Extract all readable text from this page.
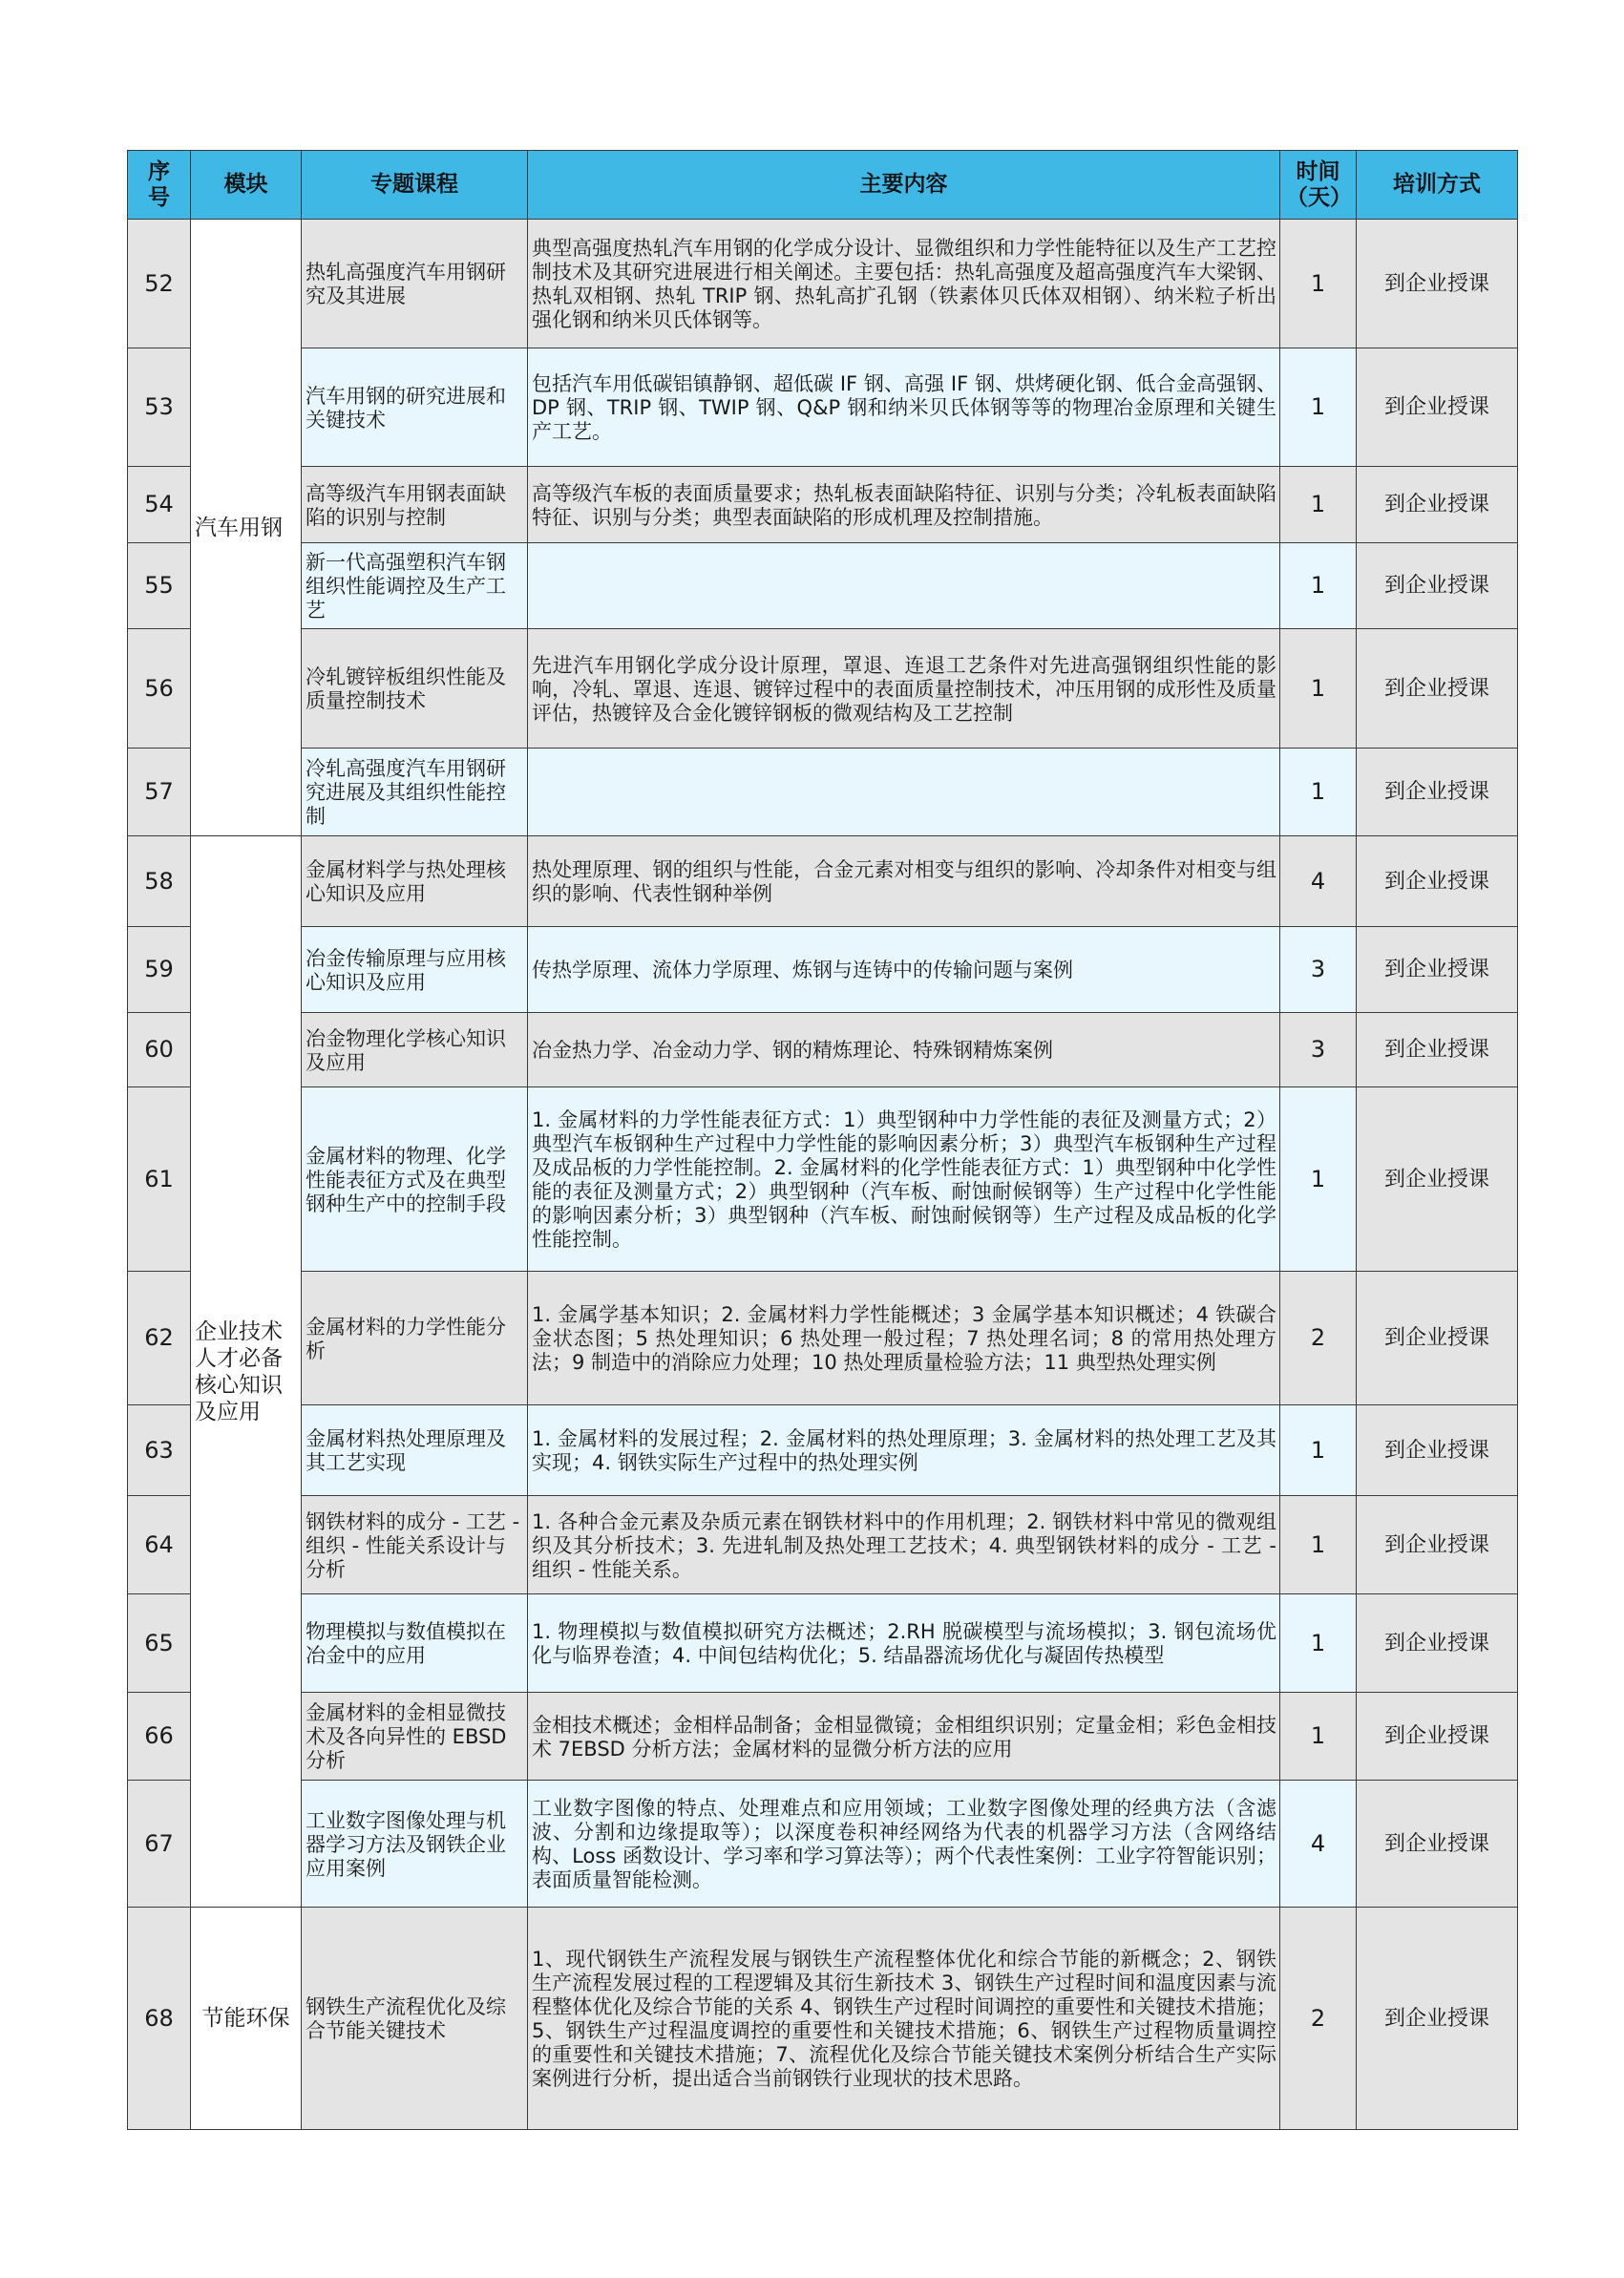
序号	模块	专题课程	主要内容	时间（天）	培训方式
52	汽车用钢	热轧高强度汽车用钢研究及其进展	典型高强度热轧汽车用钢的化学成分设计、显微组织和力学性能特征以及生产工艺控制技术及其研究进展进行相关阐述。主要包括：热轧高强度及超高强度汽车大梁钢、热轧双相钢、热轧 TRIP 钢、热轧高扩孔钢（铁素体贝氏体双相钢）、纳米粒子析出强化钢和纳米贝氏体钢等。	1	到企业授课
53		汽车用钢的研究进展和关键技术	包括汽车用低碳铝镇静钢、超低碳 IF 钢、高强 IF 钢、烘烤硬化钢、低合金高强钢、DP 钢、TRIP 钢、TWIP 钢、Q&P 钢和纳米贝氏体钢等等的物理冶金原理和关键生产工艺。	1	到企业授课
54		高等级汽车用钢表面缺陷的识别与控制	高等级汽车板的表面质量要求；热轧板表面缺陷特征、识别与分类；冷轧板表面缺陷特征、识别与分类；典型表面缺陷的形成机理及控制措施。	1	到企业授课
55		新一代高强塑积汽车钢组织性能调控及生产工艺		1	到企业授课
56		冷轧镀锌板组织性能及质量控制技术	先进汽车用钢化学成分设计原理，罩退、连退工艺条件对先进高强钢组织性能的影响，冷轧、罩退、连退、镀锌过程中的表面质量控制技术，冲压用钢的成形性及质量评估，热镀锌及合金化镀锌钢板的微观结构及工艺控制	1	到企业授课
57		冷轧高强度汽车用钢研究进展及其组织性能控制		1	到企业授课
58	企业技术人才必备核心知识及应用	金属材料学与热处理核心知识及应用	热处理原理、钢的组织与性能，合金元素对相变与组织的影响、冷却条件对相变与组织的影响、代表性钢种举例	4	到企业授课
59		冶金传输原理与应用核心知识及应用	传热学原理、流体力学原理、炼钢与连铸中的传输问题与案例	3	到企业授课
60		冶金物理化学核心知识及应用	冶金热力学、冶金动力学、钢的精炼理论、特殊钢精炼案例	3	到企业授课
61		金属材料的物理、化学性能表征方式及在典型钢种生产中的控制手段	1. 金属材料的力学性能表征方式：1）典型钢种中力学性能的表征及测量方式；2）典型汽车板钢种生产过程中力学性能的影响因素分析；3）典型汽车板钢种生产过程及成品板的力学性能控制。2. 金属材料的化学性能表征方式：1）典型钢种中化学性能的表征及测量方式；2）典型钢种（汽车板、耐蚀耐候钢等）生产过程中化学性能的影响因素分析；3）典型钢种（汽车板、耐蚀耐候钢等）生产过程及成品板的化学性能控制。	1	到企业授课
62		金属材料的力学性能分析	1. 金属学基本知识；2. 金属材料力学性能概述；3 金属学基本知识概述；4 铁碳合金状态图；5 热处理知识；6 热处理一般过程；7 热处理名词；8 的常用热处理方法；9 制造中的消除应力处理；10 热处理质量检验方法；11 典型热处理实例	2	到企业授课
63		金属材料热处理原理及其工艺实现	1. 金属材料的发展过程；2. 金属材料的热处理原理；3. 金属材料的热处理工艺及其实现；4. 钢铁实际生产过程中的热处理实例	1	到企业授课
64		钢铁材料的成分 - 工艺 - 组织 - 性能关系设计与分析	1. 各种合金元素及杂质元素在钢铁材料中的作用机理；2. 钢铁材料中常见的微观组织及其分析技术；3. 先进轧制及热处理工艺技术；4. 典型钢铁材料的成分 - 工艺 - 组织 - 性能关系。	1	到企业授课
65		物理模拟与数值模拟在冶金中的应用	1. 物理模拟与数值模拟研究方法概述；2.RH 脱碳模型与流场模拟；3. 钢包流场优化与临界卷渣；4. 中间包结构优化；5. 结晶器流场优化与凝固传热模型	1	到企业授课
66		金属材料的金相显微技术及各向异性的 EBSD 分析	金相技术概述；金相样品制备；金相显微镜；金相组织识别；定量金相；彩色金相技术 7EBSD 分析方法；金属材料的显微分析方法的应用	1	到企业授课
67		工业数字图像处理与机器学习方法及钢铁企业应用案例	工业数字图像的特点、处理难点和应用领域；工业数字图像处理的经典方法（含滤波、分割和边缘提取等）；以深度卷积神经网络为代表的机器学习方法（含网络结构、Loss 函数设计、学习率和学习算法等）；两个代表性案例：工业字符智能识别；表面质量智能检测。	4	到企业授课
68	节能环保	钢铁生产流程优化及综合节能关键技术	1、现代钢铁生产流程发展与钢铁生产流程整体优化和综合节能的新概念；2、钢铁生产流程发展过程的工程逻辑及其衍生新技术 3、钢铁生产过程时间和温度因素与流程整体优化及综合节能的关系 4、钢铁生产过程时间调控的重要性和关键技术措施；5、钢铁生产过程温度调控的重要性和关键技术措施；6、钢铁生产过程物质量调控的重要性和关键技术措施；7、流程优化及综合节能关键技术案例分析结合生产实际案例进行分析，提出适合当前钢铁行业现状的技术思路。	2	到企业授课
